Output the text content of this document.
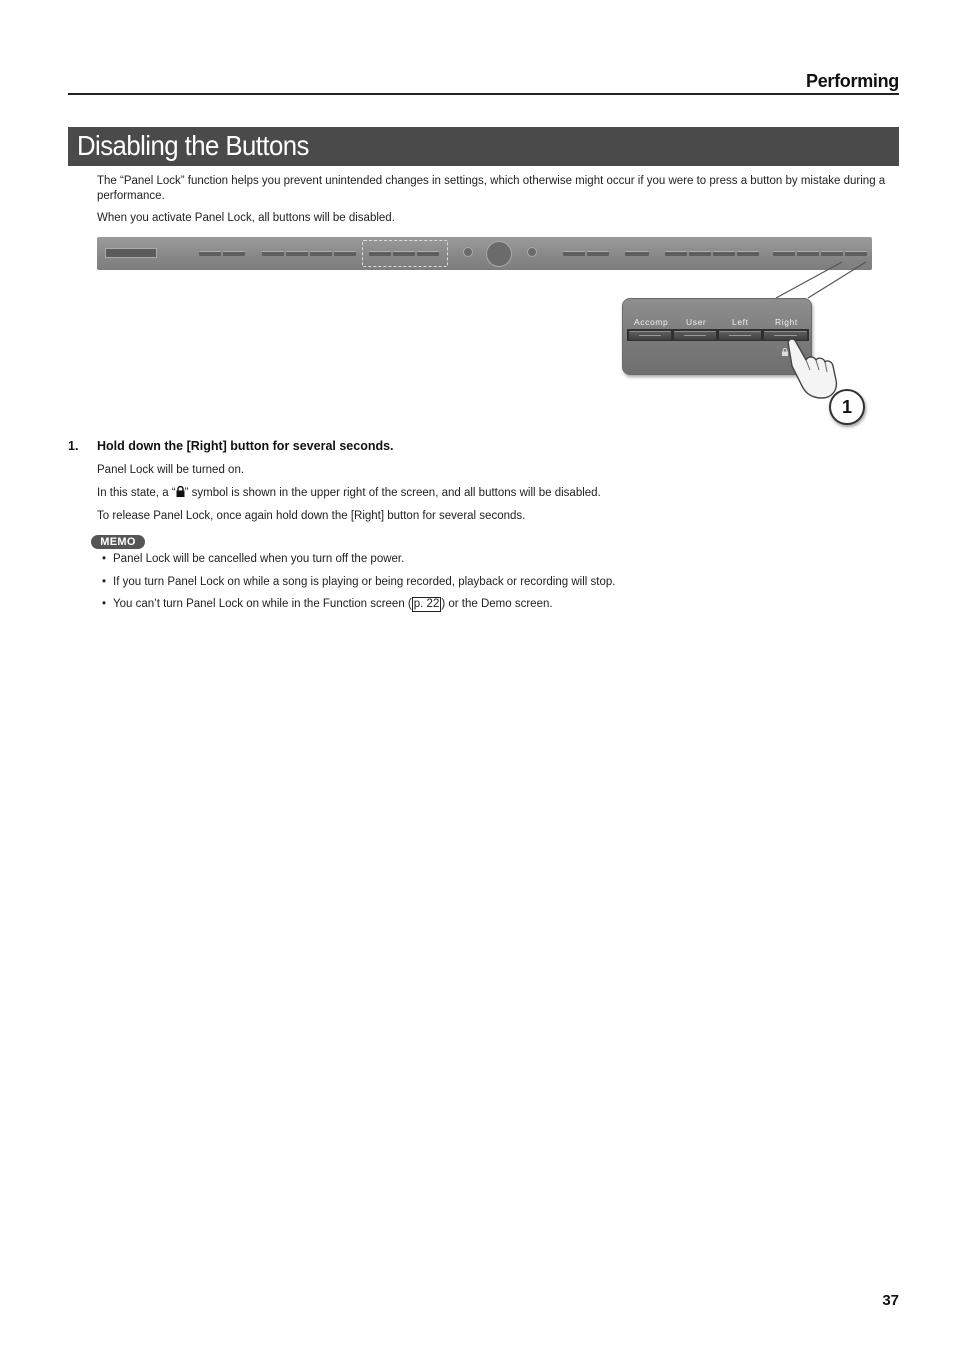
Performing
Disabling the Buttons
The “Panel Lock” function helps you prevent unintended changes in settings, which otherwise might occur if you were to press a button by mistake during a performance.
When you activate Panel Lock, all buttons will be disabled.
Accomp User	Left	Right
1
1. Hold down the [Right] button for several seconds.
Panel Lock will be turned on.
In this state, a “ ” symbol is shown in the upper right of the screen, and all buttons will be disabled.
To release Panel Lock, once again hold down the [Right] button for several seconds.
MEMO
• Panel Lock will be cancelled when you turn off the power.
• If you turn Panel Lock on while a song is playing or being recorded, playback or recording will stop.
• You can’t turn Panel Lock on while in the Function screen ( p. 22 ) or the Demo screen.
37
